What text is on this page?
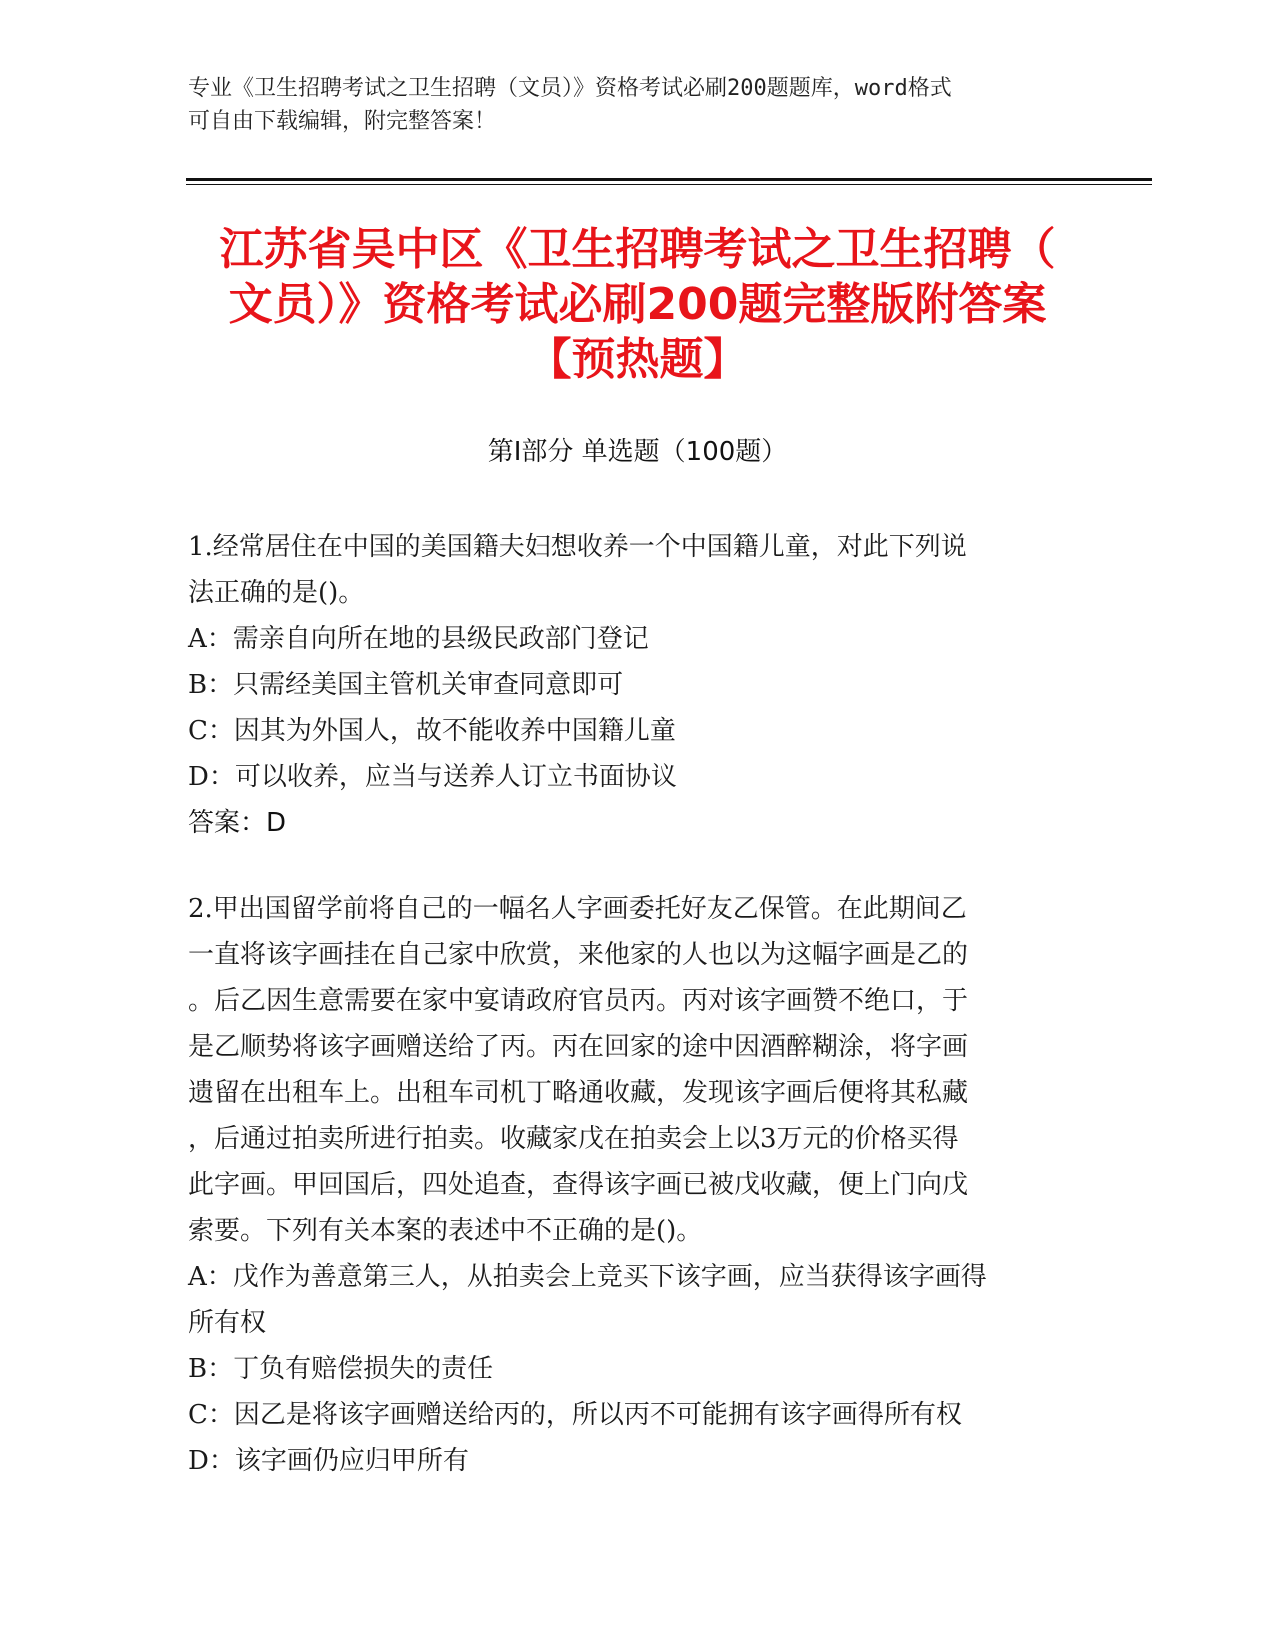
专业《卫生招聘考试之卫生招聘（文员）》资格考试必刷200题题库，word格式
可自由下载编辑，附完整答案！
江苏省吴中区《卫生招聘考试之卫生招聘（
文员）》资格考试必刷200题完整版附答案
【预热题】
第Ⅰ部分 单选题（100题）
1.经常居住在中国的美国籍夫妇想收养一个中国籍儿童，对此下列说
法正确的是()。
A：需亲自向所在地的县级民政部门登记
B：只需经美国主管机关审查同意即可
C：因其为外国人，故不能收养中国籍儿童
D：可以收养，应当与送养人订立书面协议
答案：D
2.甲出国留学前将自己的一幅名人字画委托好友乙保管。在此期间乙
一直将该字画挂在自己家中欣赏，来他家的人也以为这幅字画是乙的
。后乙因生意需要在家中宴请政府官员丙。丙对该字画赞不绝口，于
是乙顺势将该字画赠送给了丙。丙在回家的途中因酒醉糊涂，将字画
遗留在出租车上。出租车司机丁略通收藏，发现该字画后便将其私藏
，后通过拍卖所进行拍卖。收藏家戊在拍卖会上以3万元的价格买得
此字画。甲回国后，四处追查，查得该字画已被戊收藏，便上门向戊
索要。下列有关本案的表述中不正确的是()。
A：戊作为善意第三人，从拍卖会上竞买下该字画，应当获得该字画得
所有权
B：丁负有赔偿损失的责任
C：因乙是将该字画赠送给丙的，所以丙不可能拥有该字画得所有权
D：该字画仍应归甲所有
